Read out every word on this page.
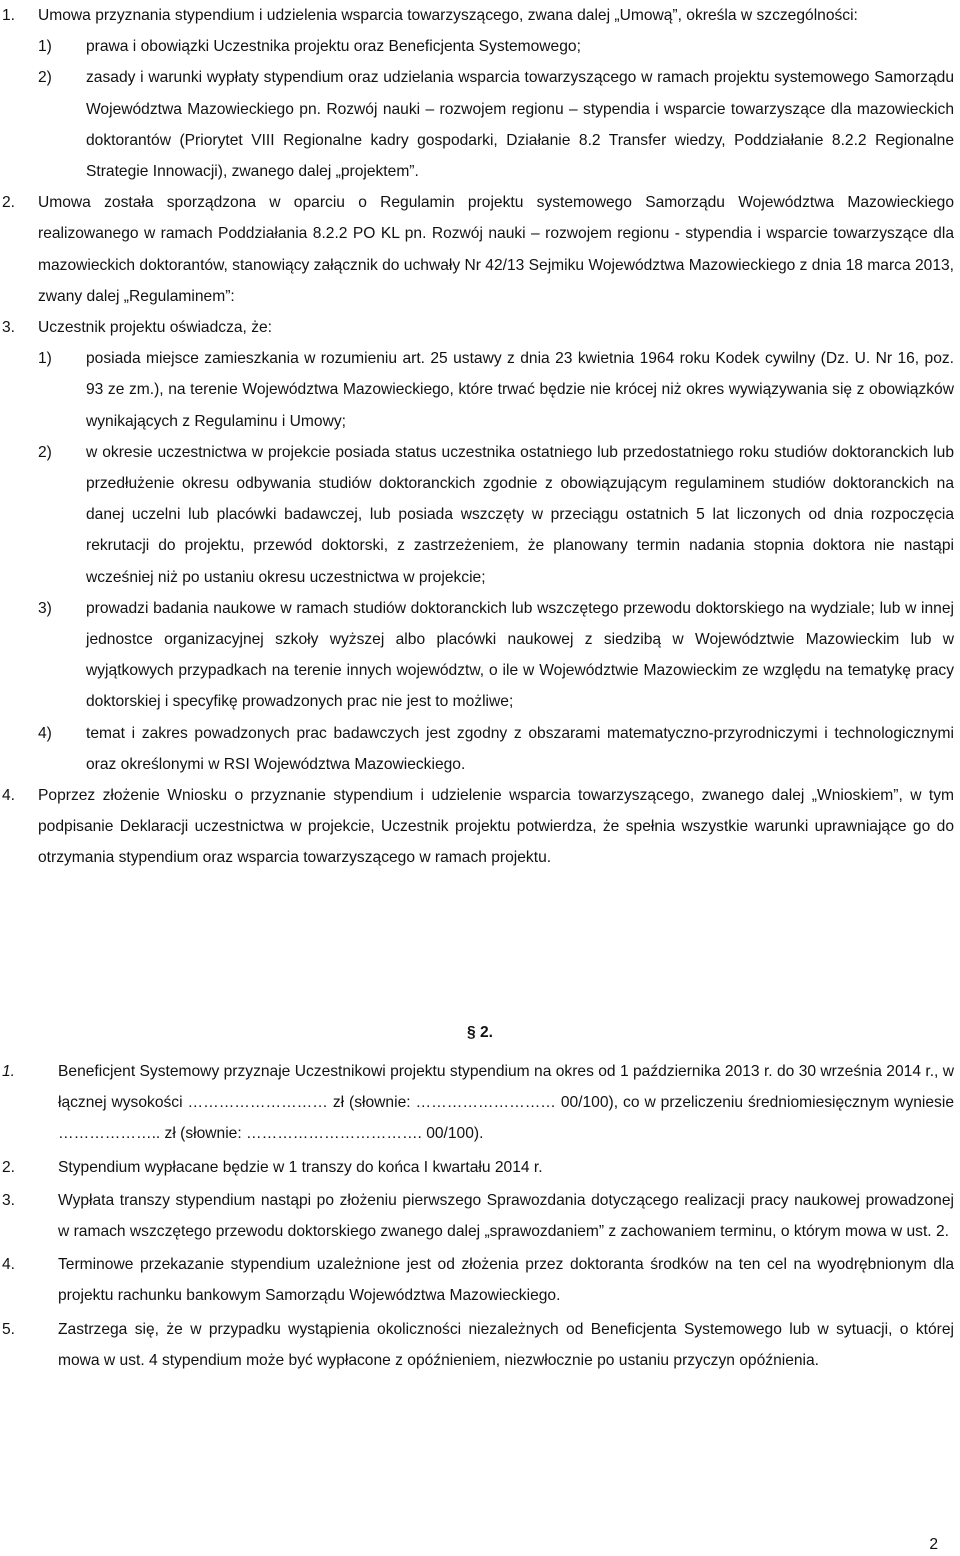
1. Umowa przyznania stypendium i udzielenia wsparcia towarzyszącego, zwana dalej „Umową”, określa w szczególności:
1) prawa i obowiązki Uczestnika projektu oraz Beneficjenta Systemowego;
2) zasady i warunki wypłaty stypendium oraz udzielania wsparcia towarzyszącego w ramach projektu systemowego Samorządu Województwa Mazowieckiego pn. Rozwój nauki – rozwojem regionu – stypendia i wsparcie towarzyszące dla mazowieckich doktorantów (Priorytet VIII Regionalne kadry gospodarki, Działanie 8.2 Transfer wiedzy, Poddziałanie 8.2.2 Regionalne Strategie Innowacji), zwanego dalej „projektem”.
2. Umowa została sporządzona w oparciu o Regulamin projektu systemowego Samorządu Województwa Mazowieckiego realizowanego w ramach Poddziałania 8.2.2 PO KL pn. Rozwój nauki – rozwojem regionu - stypendia i wsparcie towarzyszące dla mazowieckich doktorantów, stanowiący załącznik do uchwały Nr 42/13 Sejmiku Województwa Mazowieckiego z dnia 18 marca 2013, zwany dalej „Regulaminem”:
3. Uczestnik projektu oświadcza, że:
1) posiada miejsce zamieszkania w rozumieniu art. 25 ustawy z dnia 23 kwietnia 1964 roku Kodek cywilny (Dz. U. Nr 16, poz. 93 ze zm.), na terenie Województwa Mazowieckiego, które trwać będzie nie krócej niż okres wywiązywania się z obowiązków wynikających z Regulaminu i Umowy;
2) w okresie uczestnictwa w projekcie posiada status uczestnika ostatniego lub przedostatniego roku studiów doktoranckich lub przedłużenie okresu odbywania studiów doktoranckich zgodnie z obowiązującym regulaminem studiów doktoranckich na danej uczelni lub placówki badawczej, lub posiada wszczęty w przeciągu ostatnich 5 lat liczonych od dnia rozpoczęcia rekrutacji do projektu, przewód doktorski, z zastrzeżeniem, że planowany termin nadania stopnia doktora nie nastąpi wcześniej niż po ustaniu okresu uczestnictwa w projekcie;
3) prowadzi badania naukowe w ramach studiów doktoranckich lub wszczętego przewodu doktorskiego na wydziale; lub w innej jednostce organizacyjnej szkoły wyższej albo placówki naukowej z siedzibą w Województwie Mazowieckim lub w wyjątkowych przypadkach na terenie innych województw, o ile w Województwie Mazowieckim ze względu na tematykę pracy doktorskiej i specyfikę prowadzonych prac nie jest to możliwe;
4) temat i zakres powadzonych prac badawczych jest zgodny z obszarami matematyczno-przyrodniczymi i technologicznymi oraz określonymi w RSI Województwa Mazowieckiego.
4. Poprzez złożenie Wniosku o przyznanie stypendium i udzielenie wsparcia towarzyszącego, zwanego dalej „Wnioskiem”, w tym podpisanie Deklaracji uczestnictwa w projekcie, Uczestnik projektu potwierdza, że spełnia wszystkie warunki uprawniające go do otrzymania stypendium oraz wsparcia towarzyszącego w ramach projektu.
§ 2.
1.	Beneficjent Systemowy przyznaje Uczestnikowi projektu stypendium na okres od 1 października 2013 r. do 30 września 2014 r., w łącznej wysokości ……………………… zł (słownie: ……………………… 00/100), co w przeliczeniu średniomiesięcznym wyniesie ……………….. zł (słownie: ……………………………. 00/100).
2.	Stypendium wypłacane będzie w 1 transzy do końca I kwartału 2014 r.
3.	Wypłata transzy stypendium nastąpi po złożeniu pierwszego Sprawozdania dotyczącego realizacji pracy naukowej prowadzonej w ramach wszczętego przewodu doktorskiego zwanego dalej „sprawozdaniem” z zachowaniem terminu, o którym mowa w ust. 2.
4.	Terminowe przekazanie stypendium uzależnione jest od złożenia przez doktoranta środków na ten cel na wyodrębnionym dla projektu rachunku bankowym Samorządu Województwa Mazowieckiego.
5.	Zastrzega się, że w przypadku wystąpienia okoliczności niezależnych od Beneficjenta Systemowego lub w sytuacji, o której mowa w ust. 4 stypendium może być wypłacone z opóźnieniem, niezwłocznie po ustaniu przyczyn opóźnienia.
2
